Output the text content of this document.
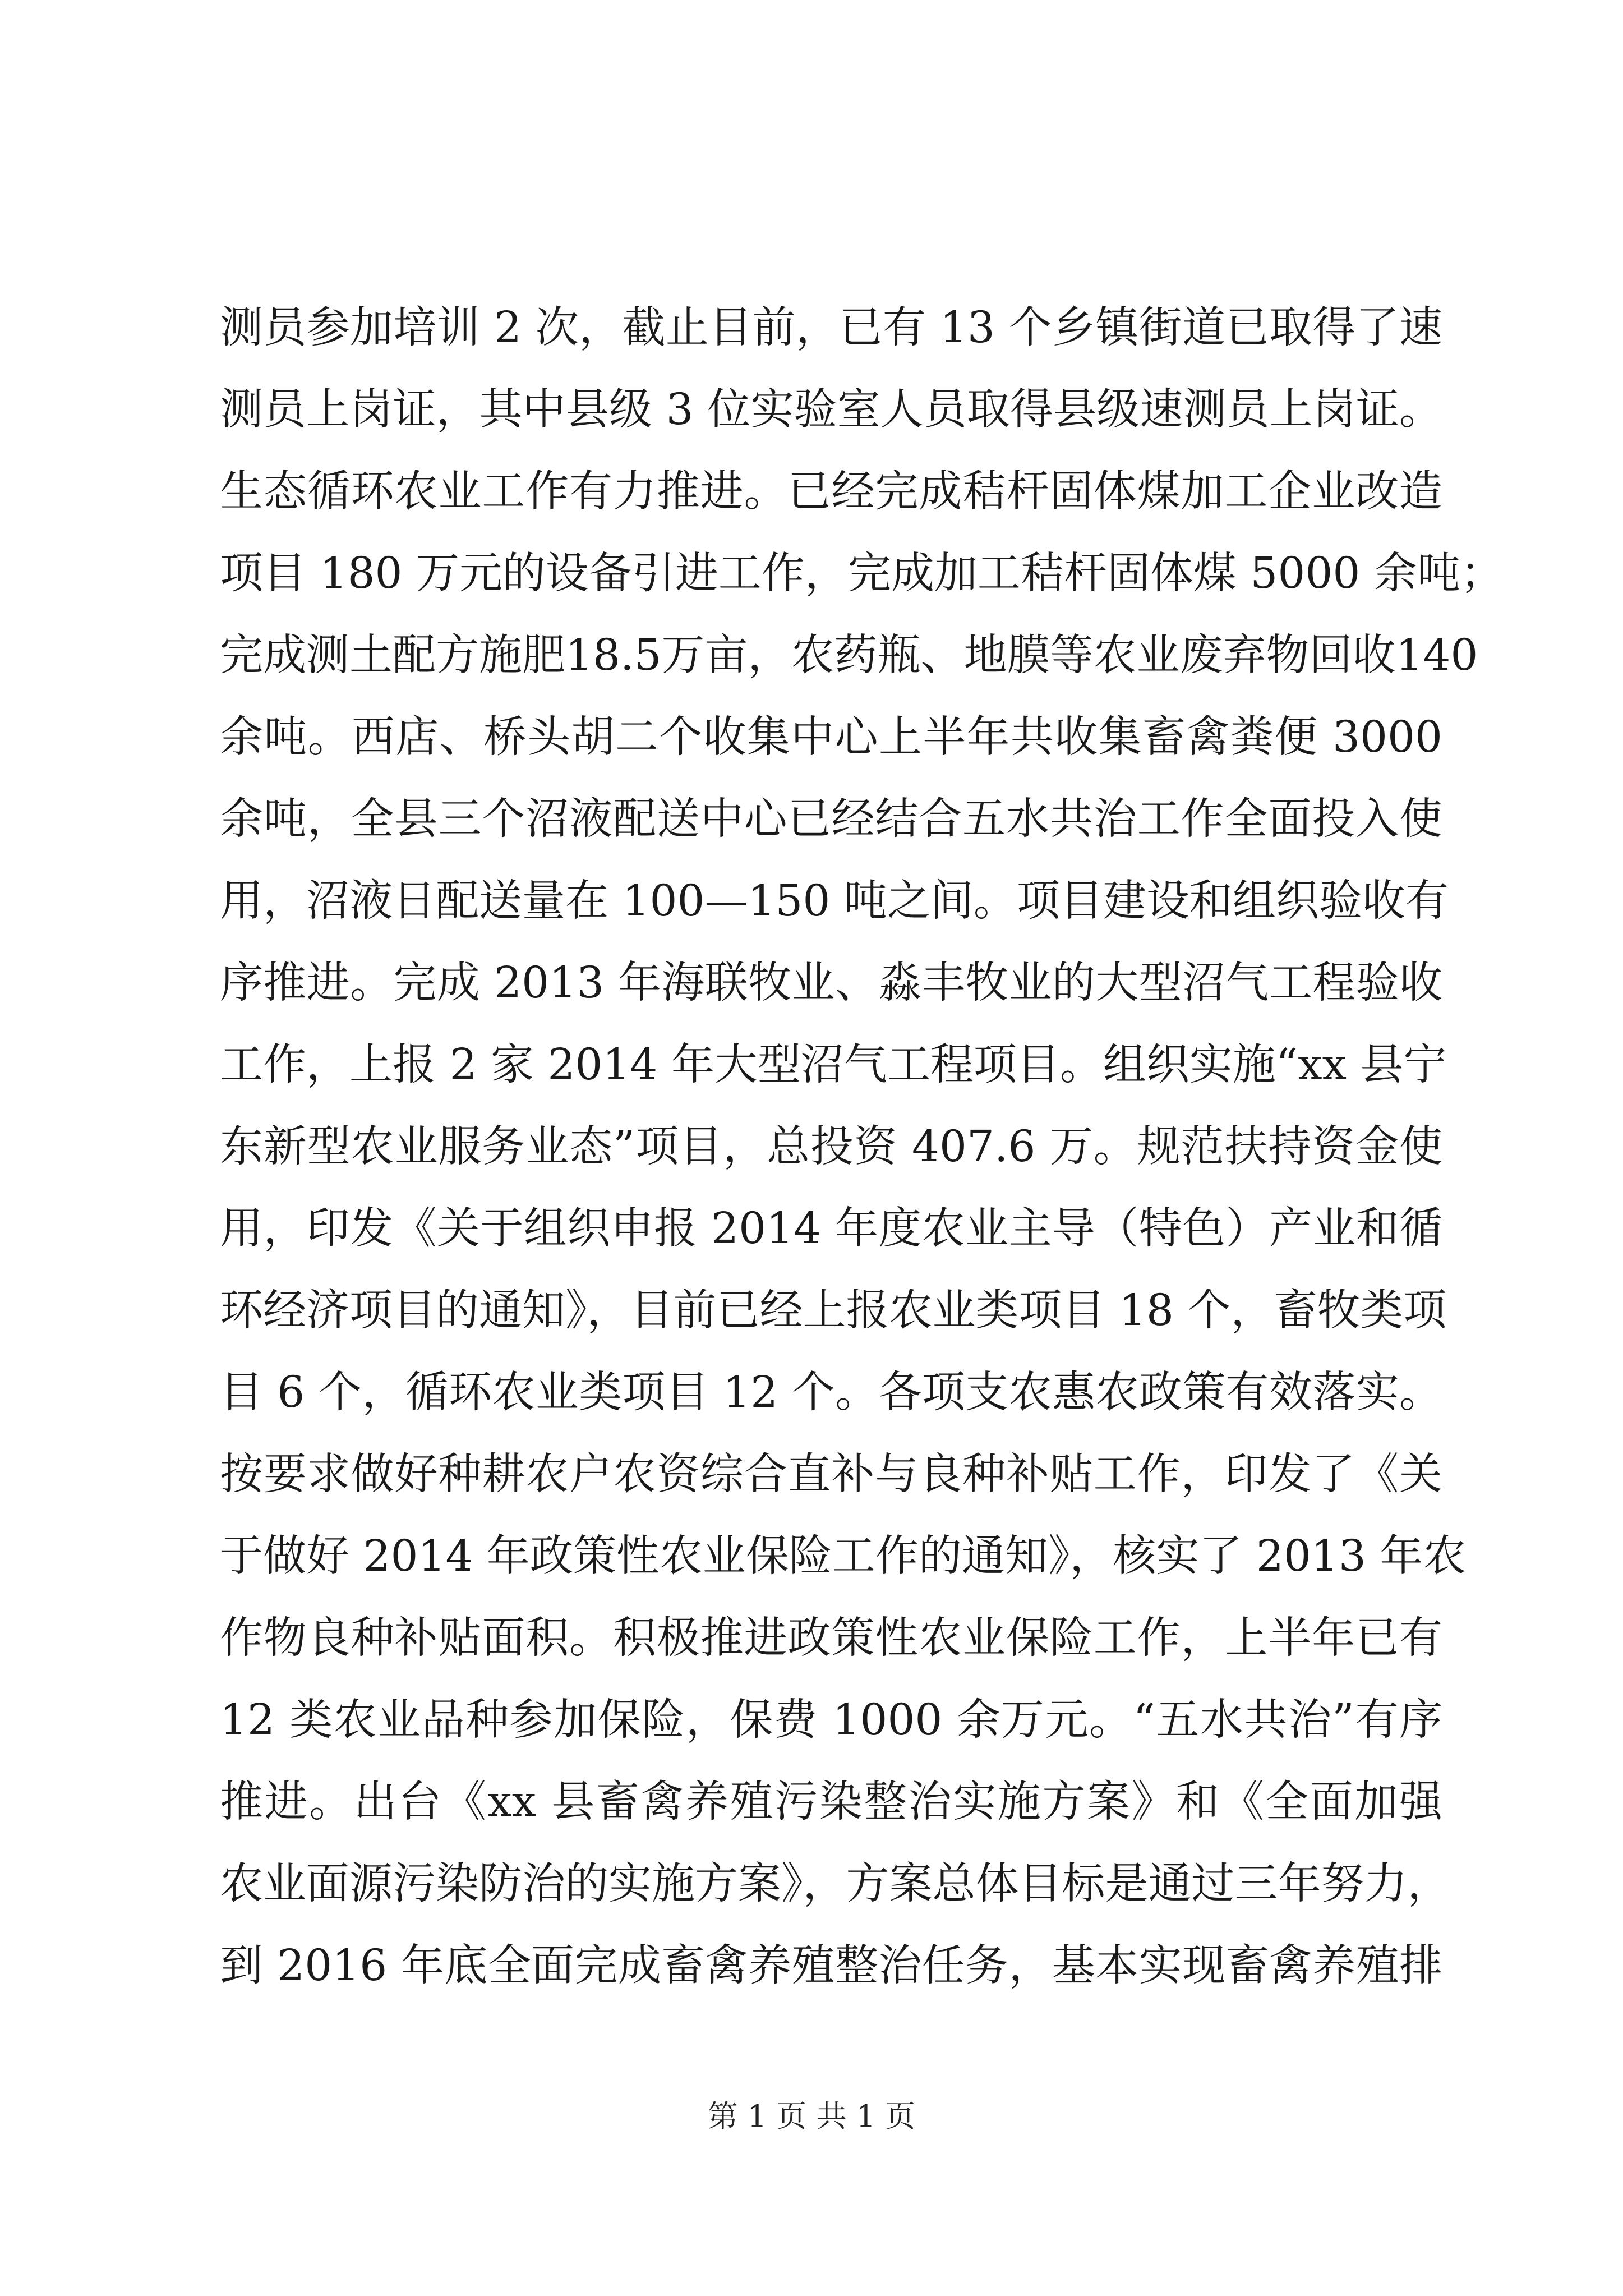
测员参加培训 2 次，截止目前，已有 13 个乡镇街道已取得了速
测员上岗证，其中县级 3 位实验室人员取得县级速测员上岗证。
生态循环农业工作有力推进。已经完成秸杆固体煤加工企业改造
项目 180 万元的设备引进工作，完成加工秸杆固体煤 5000 余吨；
完成测土配方施肥18.5万亩，农药瓶、地膜等农业废弃物回收140
余吨。西店、桥头胡二个收集中心上半年共收集畜禽粪便 3000
余吨，全县三个沼液配送中心已经结合五水共治工作全面投入使
用，沼液日配送量在 100—150 吨之间。项目建设和组织验收有
序推进。完成 2013 年海联牧业、淼丰牧业的大型沼气工程验收
工作，上报 2 家 2014 年大型沼气工程项目。组织实施“xx 县宁
东新型农业服务业态”项目，总投资 407.6 万。规范扶持资金使
用，印发《关于组织申报 2014 年度农业主导（特色）产业和循
环经济项目的通知》，目前已经上报农业类项目 18 个，畜牧类项
目 6 个，循环农业类项目 12 个。各项支农惠农政策有效落实。
按要求做好种耕农户农资综合直补与良种补贴工作，印发了《关
于做好 2014 年政策性农业保险工作的通知》，核实了 2013 年农
作物良种补贴面积。积极推进政策性农业保险工作，上半年已有
12 类农业品种参加保险，保费 1000 余万元。“五水共治”有序
推进。出台《xx 县畜禽养殖污染整治实施方案》和《全面加强
农业面源污染防治的实施方案》，方案总体目标是通过三年努力，
到 2016 年底全面完成畜禽养殖整治任务，基本实现畜禽养殖排
第 1 页 共 1 页
